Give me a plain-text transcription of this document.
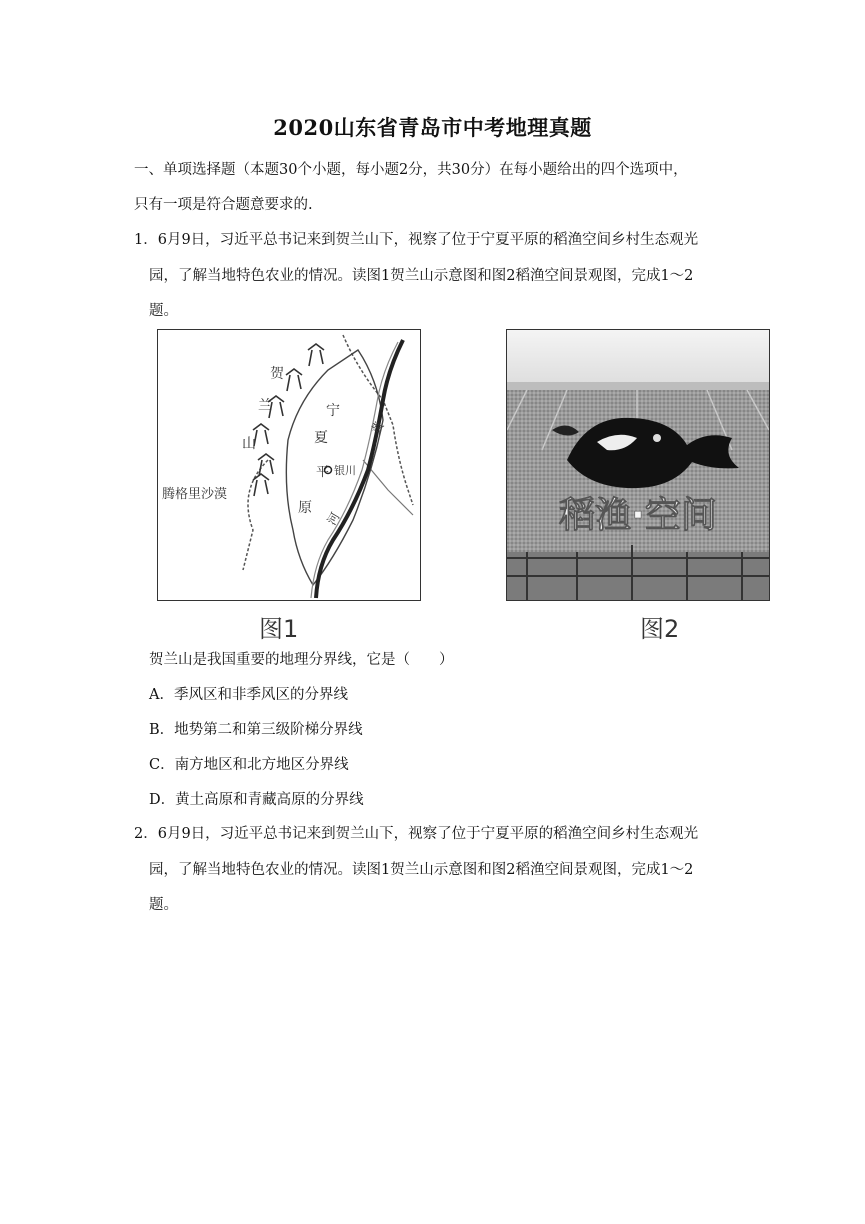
2020山东省青岛市中考地理真题
一、单项选择题（本题30个小题，每小题2分，共30分）在每小题给出的四个选项中，
只有一项是符合题意要求的.
1．6月9日，习近平总书记来到贺兰山下，视察了位于宁夏平原的稻渔空间乡村生态观光
园，了解当地特色农业的情况。读图1贺兰山示意图和图2稻渔空间景观图，完成1～2
题。
贺
兰
山
宁
夏
平
原
银川
腾格里沙漠
黄
河
图1
稻渔·空间
图2
贺兰山是我国重要的地理分界线，它是（　　）
A．季风区和非季风区的分界线
B．地势第二和第三级阶梯分界线
C．南方地区和北方地区分界线
D．黄土高原和青藏高原的分界线
2．6月9日，习近平总书记来到贺兰山下，视察了位于宁夏平原的稻渔空间乡村生态观光
园，了解当地特色农业的情况。读图1贺兰山示意图和图2稻渔空间景观图，完成1～2
题。
